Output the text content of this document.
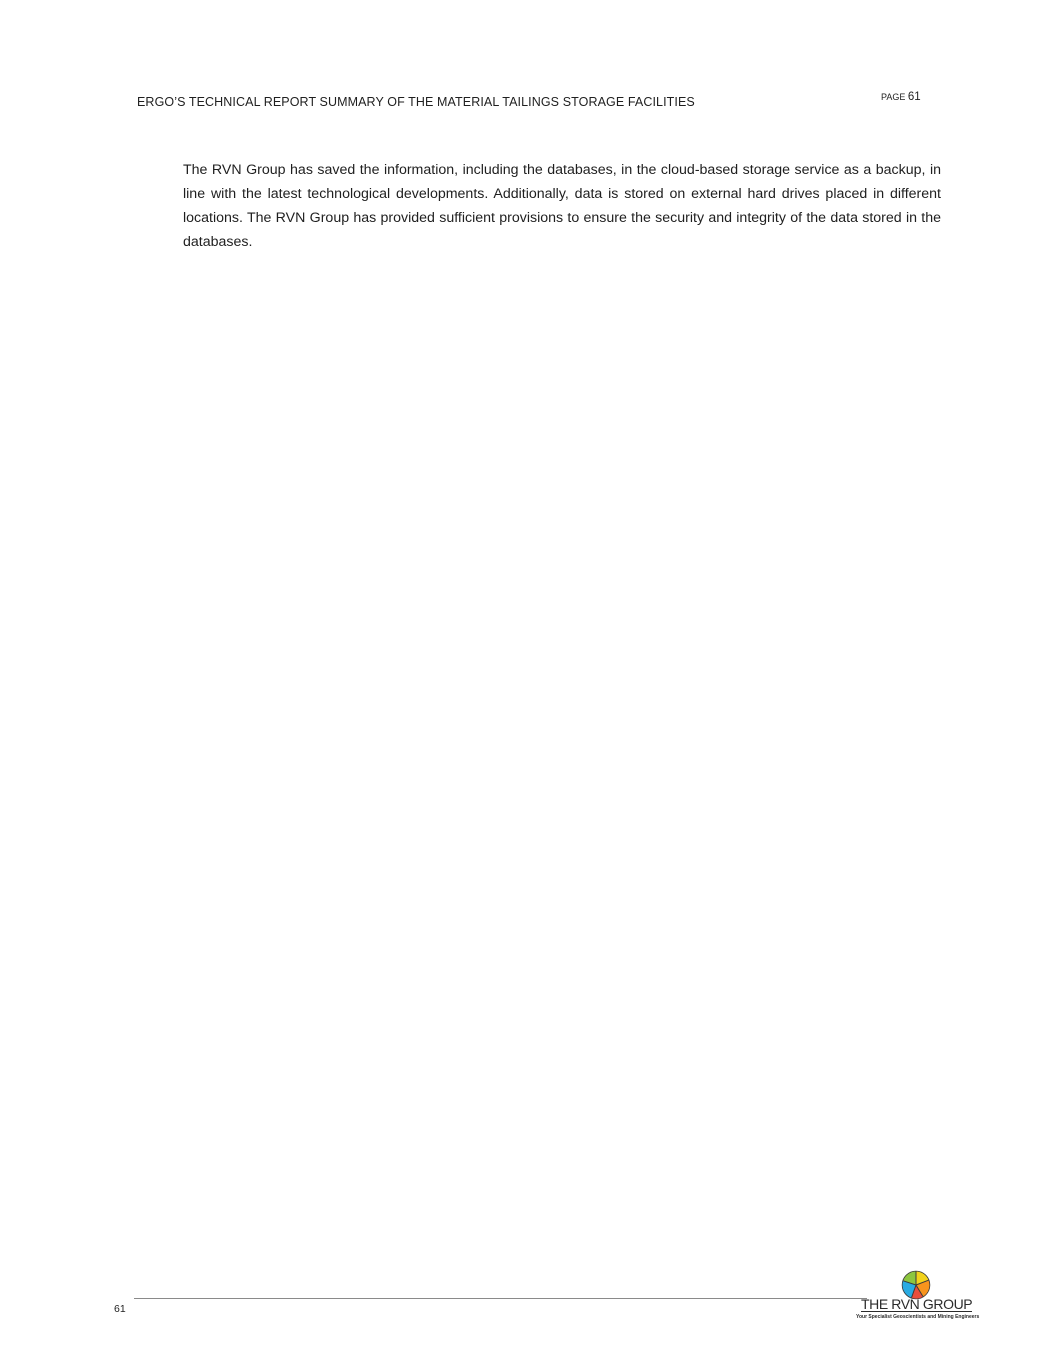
ERGO’S TECHNICAL REPORT SUMMARY OF THE MATERIAL TAILINGS STORAGE FACILITIES	PAGE 61
The RVN Group has saved the information, including the databases, in the cloud-based storage service as a backup, in line with the latest technological developments. Additionally, data is stored on external hard drives placed in different locations. The RVN Group has provided sufficient provisions to ensure the security and integrity of the data stored in the databases.
61	THE RVN GROUP
Your Specialist Geoscientists and Mining Engineers
